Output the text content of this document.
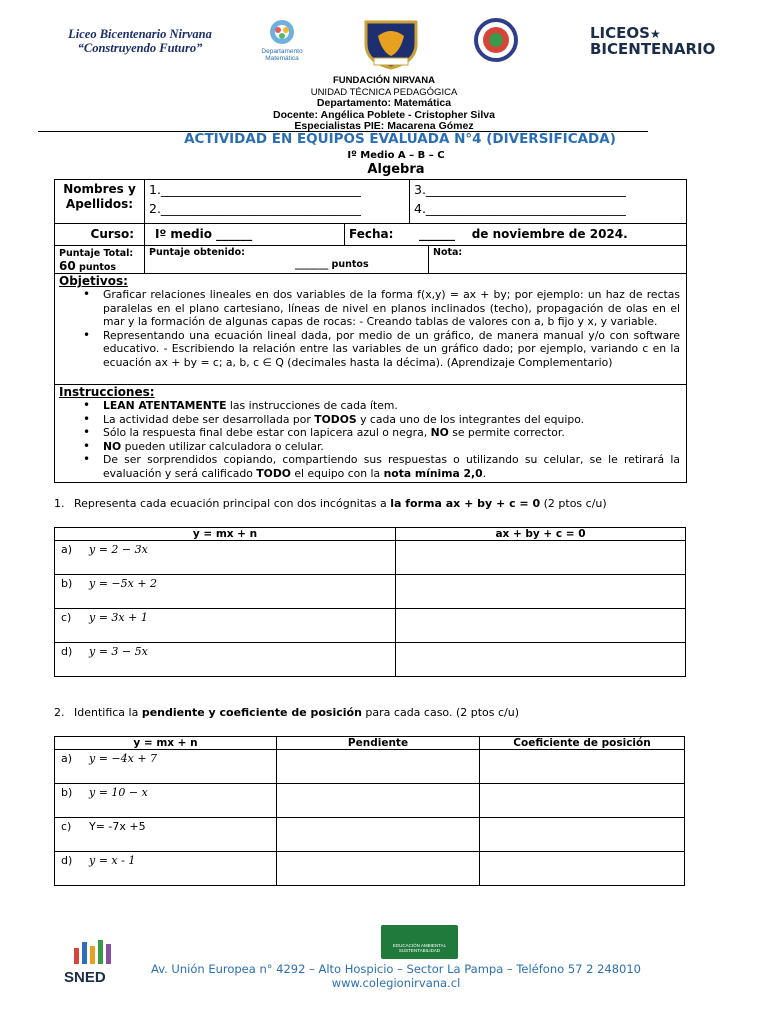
Liceo Bicentenario Nirvana
“Construyendo Futuro”	Departamento Matemática
LICEOS★
BICENTENARIO
FUNDACIÓN NIRVANA
UNIDAD TÉCNICA PEDAGÓGICA
Departamento: Matemática
Docente: Angélica Poblete - Cristopher Silva
Especialistas PIE: Macarena Gómez
ACTIVIDAD EN EQUIPOS EVALUADA N°4 (DIVERSIFICADA)
Iº Medio A – B – C
Algebra
Nombres y Apellidos:
1.________________________________
2.________________________________
3.________________________________
4.________________________________
Curso:	Iº medio ______	Fecha:	______    de noviembre de 2024.
Puntaje Total:
60 puntos
Puntaje obtenido:
_______ puntos
Nota:
Objetivos:
• Graficar relaciones lineales en dos variables de la forma f(x,y) = ax + by; por ejemplo: un haz de rectas paralelas en el plano cartesiano, líneas de nivel en planos inclinados (techo), propagación de olas en el mar y la formación de algunas capas de rocas: - Creando tablas de valores con a, b fijo y x, y variable.
• Representando una ecuación lineal dada, por medio de un gráfico, de manera manual y/o con software educativo. - Escribiendo la relación entre las variables de un gráfico dado; por ejemplo, variando c en la ecuación ax + by = c; a, b, c ∈ Q (decimales hasta la décima). (Aprendizaje Complementario)
Instrucciones:
• LEAN ATENTAMENTE las instrucciones de cada ítem.
• La actividad debe ser desarrollada por TODOS y cada uno de los integrantes del equipo.
• Sólo la respuesta final debe estar con lapicera azul o negra, NO se permite corrector.
• NO pueden utilizar calculadora o celular.
• De ser sorprendidos copiando, compartiendo sus respuestas o utilizando su celular, se le retirará la evaluación y será calificado TODO el equipo con la nota mínima 2,0.
1. Representa cada ecuación principal con dos incógnitas a la forma ax + by + c = 0 (2 ptos c/u)
y = mx + n	ax + by + c = 0
a) y = 2 − 3x	
b) y = −5x + 2	
c) y = 3x + 1	
d) y = 3 − 5x	
2. Identifica la pendiente y coeficiente de posición para cada caso. (2 ptos c/u)
y = mx + n	Pendiente	Coeficiente de posición
a) y = −4x + 7		
b) y = 10 − x		
c) Y= -7x +5		
d) y = x - 1		
SNED
EDUCACIÓN AMBIENTAL SUSTENTABILIDAD
Av. Unión Europea n° 4292 – Alto Hospicio – Sector La Pampa – Teléfono 57 2 248010
www.colegionirvana.cl
